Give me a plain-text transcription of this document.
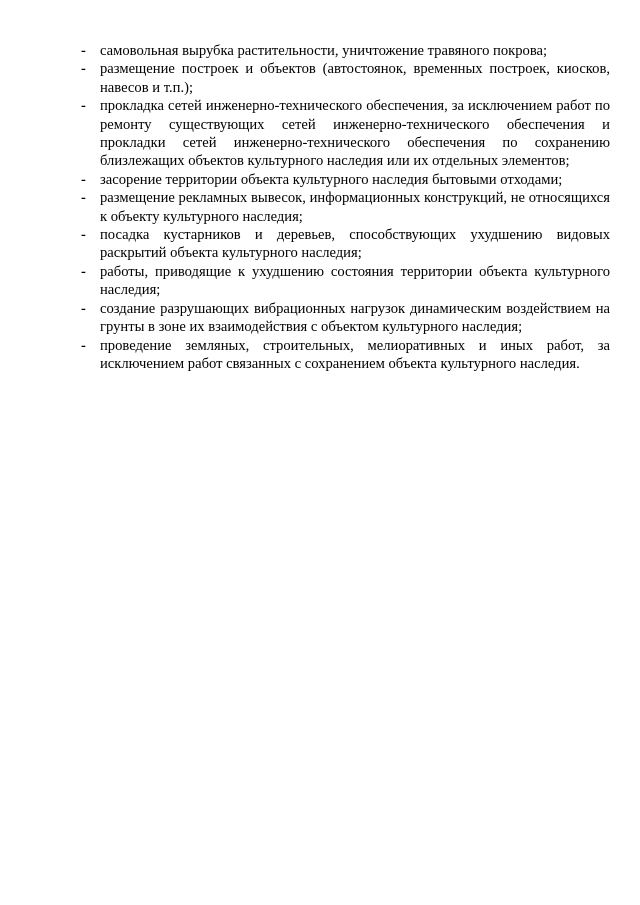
- самовольная вырубка растительности, уничтожение травяного покрова;
- размещение построек и объектов (автостоянок, временных построек, киосков, навесов и т.п.);
- прокладка сетей инженерно-технического обеспечения, за исключением работ по ремонту существующих сетей инженерно-технического обеспечения и прокладки сетей инженерно-технического обеспечения по сохранению близлежащих объектов культурного наследия или их отдельных элементов;
- засорение территории объекта культурного наследия бытовыми отходами;
- размещение рекламных вывесок, информационных конструкций, не относящихся к объекту культурного наследия;
- посадка кустарников и деревьев, способствующих ухудшению видовых раскрытий объекта культурного наследия;
- работы, приводящие к ухудшению состояния территории объекта культурного наследия;
- создание разрушающих вибрационных нагрузок динамическим воздействием на грунты в зоне их взаимодействия с объектом культурного наследия;
- проведение земляных, строительных, мелиоративных и иных работ, за исключением работ связанных с сохранением объекта культурного наследия.
